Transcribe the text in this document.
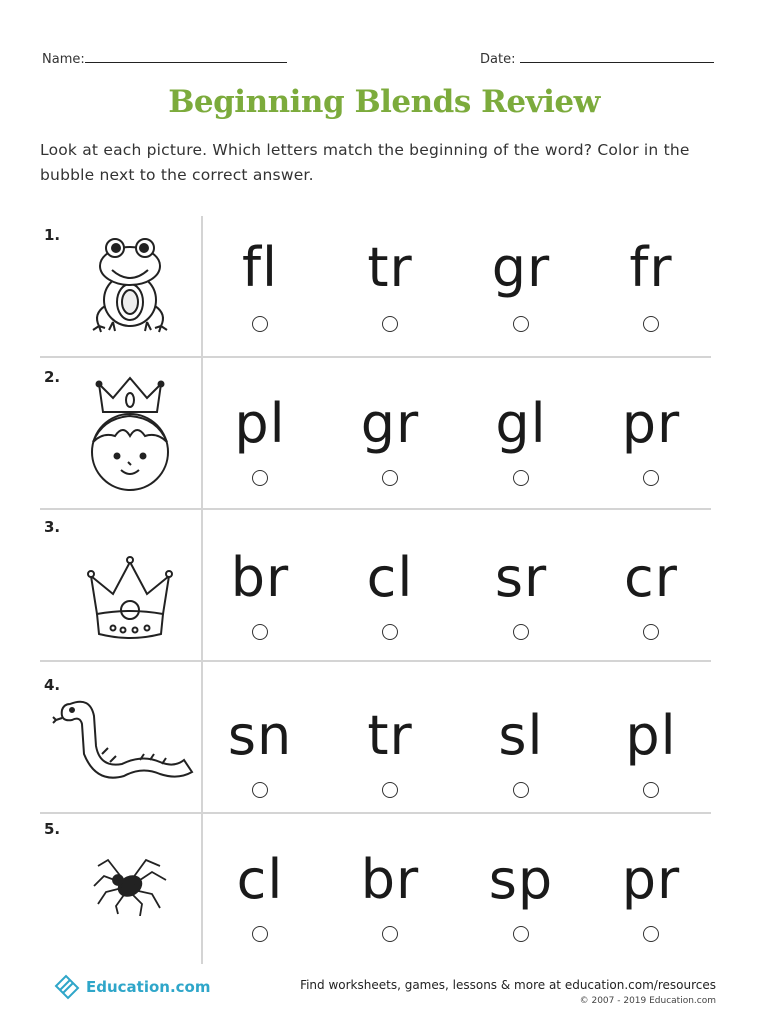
Name:	Date:
Beginning Blends Review
Look at each picture. Which letters match the beginning of the word? Color in the bubble next to the correct answer.
1.
2.
3.
4.
5.
fl	tr	gr	fr
pl	gr	gl	pr
br	cl	sr	cr
sn	tr	sl	pl
cl	br	sp	pr
Education.com	Find worksheets, games, lessons & more at education.com/resources
© 2007 - 2019 Education.com
